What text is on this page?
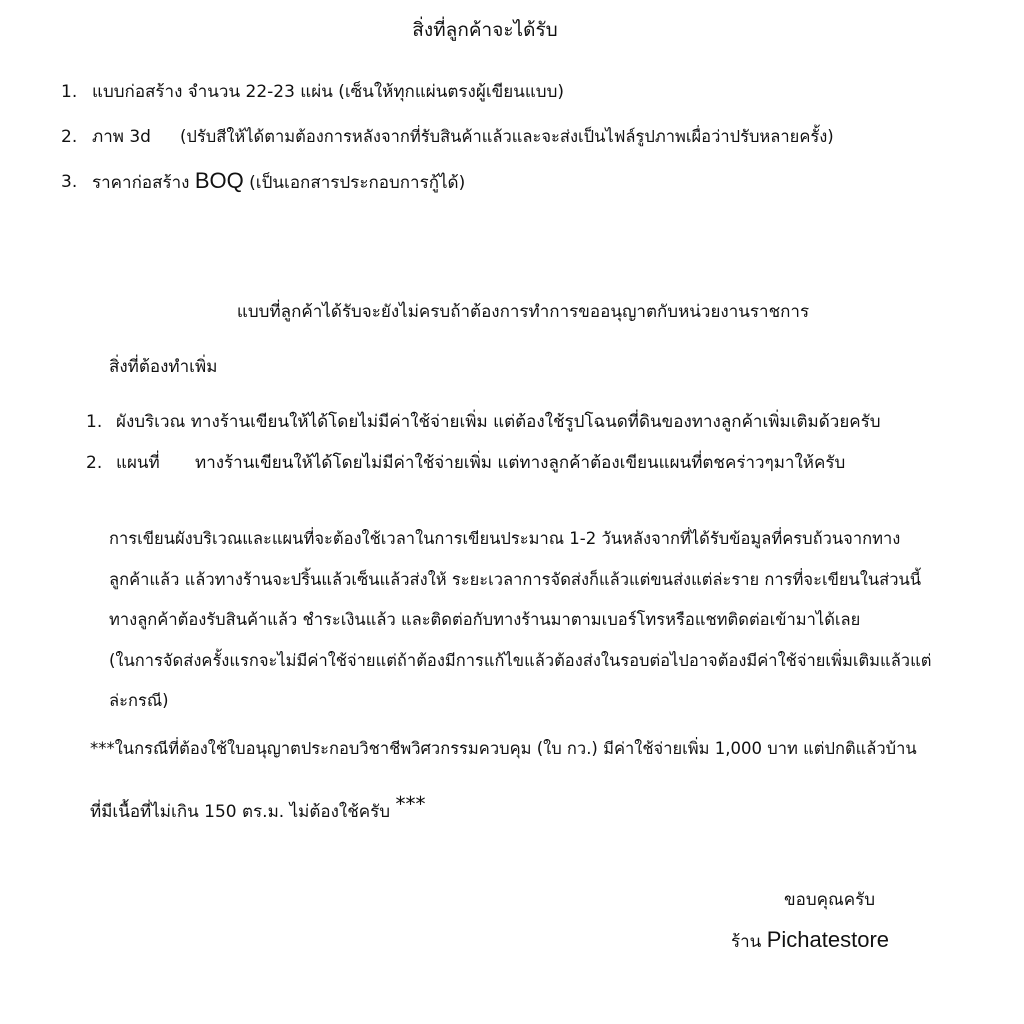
สิ่งที่ลูกค้าจะได้รับ
1. แบบก่อสร้าง จำนวน 22-23 แผ่น (เซ็นให้ทุกแผ่นตรงผู้เขียนแบบ)
2. ภาพ 3d (ปรับสีให้ได้ตามต้องการหลังจากที่รับสินค้าแล้วและจะส่งเป็นไฟล์รูปภาพเผื่อว่าปรับหลายครั้ง)
3. ราคาก่อสร้าง BOQ (เป็นเอกสารประกอบการกู้ได้)
แบบที่ลูกค้าได้รับจะยังไม่ครบถ้าต้องการทำการขออนุญาตกับหน่วยงานราชการ
สิ่งที่ต้องทำเพิ่ม
1. ผังบริเวณ ทางร้านเขียนให้ได้โดยไม่มีค่าใช้จ่ายเพิ่ม แต่ต้องใช้รูปโฉนดที่ดินของทางลูกค้าเพิ่มเติมด้วยครับ
2. แผนที่ ทางร้านเขียนให้ได้โดยไม่มีค่าใช้จ่ายเพิ่ม แต่ทางลูกค้าต้องเขียนแผนที่ตชคร่าวๆมาให้ครับ
การเขียนผังบริเวณและแผนที่จะต้องใช้เวลาในการเขียนประมาณ 1-2 วันหลังจากที่ได้รับข้อมูลที่ครบถ้วนจากทาง
ลูกค้าแล้ว แล้วทางร้านจะปริ้นแล้วเซ็นแล้วส่งให้ ระยะเวลาการจัดส่งก็แล้วแต่ขนส่งแต่ล่ะราย การที่จะเขียนในส่วนนี้
ทางลูกค้าต้องรับสินค้าแล้ว ชำระเงินแล้ว และติดต่อกับทางร้านมาตามเบอร์โทรหรือแชทติดต่อเข้ามาได้เลย
(ในการจัดส่งครั้งแรกจะไม่มีค่าใช้จ่ายแต่ถ้าต้องมีการแก้ไขแล้วต้องส่งในรอบต่อไปอาจต้องมีค่าใช้จ่ายเพิ่มเติมแล้วแต่
ล่ะกรณี)
***ในกรณีที่ต้องใช้ใบอนุญาตประกอบวิชาชีพวิศวกรรมควบคุม (ใบ กว.) มีค่าใช้จ่ายเพิ่ม 1,000 บาท แต่ปกติแล้วบ้าน
ที่มีเนื้อที่ไม่เกิน 150 ตร.ม. ไม่ต้องใช้ครับ ***
ขอบคุณครับ
ร้าน Pichatestore
